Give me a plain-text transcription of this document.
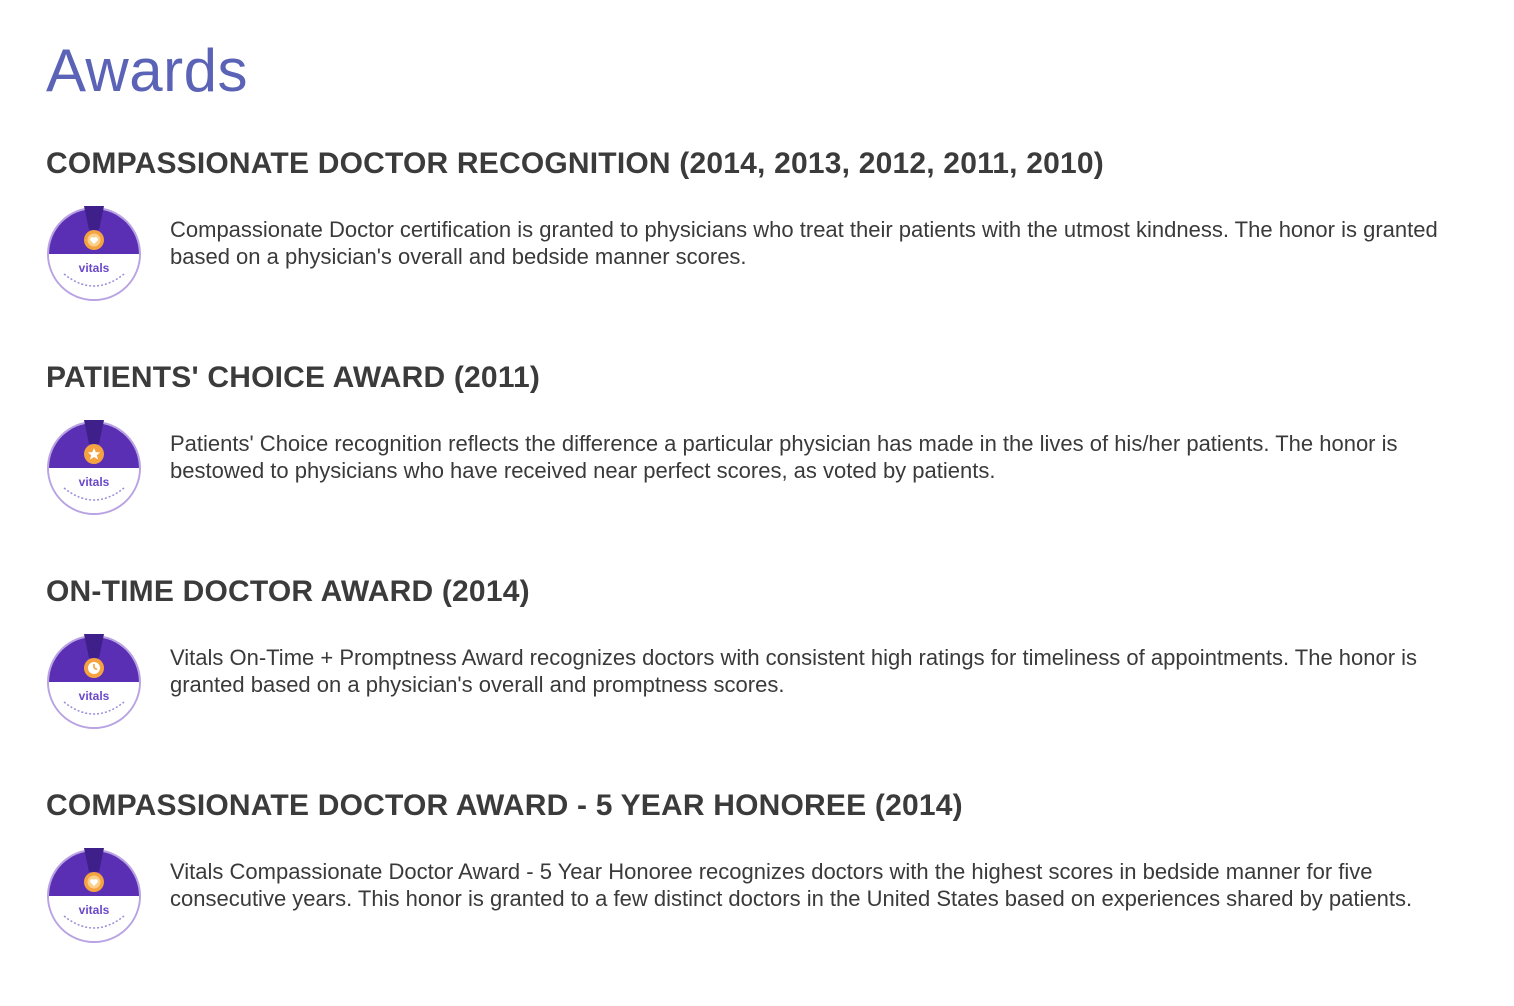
Awards
COMPASSIONATE DOCTOR RECOGNITION (2014, 2013, 2012, 2011, 2010)
vitals

Compassionate Doctor certification is granted to physicians who treat their patients with the utmost kindness. The honor is granted based on a physician's overall and bedside manner scores.

PATIENTS' CHOICE AWARD (2011)
vitals

Patients' Choice recognition reflects the difference a particular physician has made in the lives of his/her patients. The honor is bestowed to physicians who have received near perfect scores, as voted by patients.

ON-TIME DOCTOR AWARD (2014)
vitals

Vitals On-Time + Promptness Award recognizes doctors with consistent high ratings for timeliness of appointments. The honor is granted based on a physician's overall and promptness scores.

COMPASSIONATE DOCTOR AWARD - 5 YEAR HONOREE (2014)
vitals

Vitals Compassionate Doctor Award - 5 Year Honoree recognizes doctors with the highest scores in bedside manner for five consecutive years. This honor is granted to a few distinct doctors in the United States based on experiences shared by patients.
